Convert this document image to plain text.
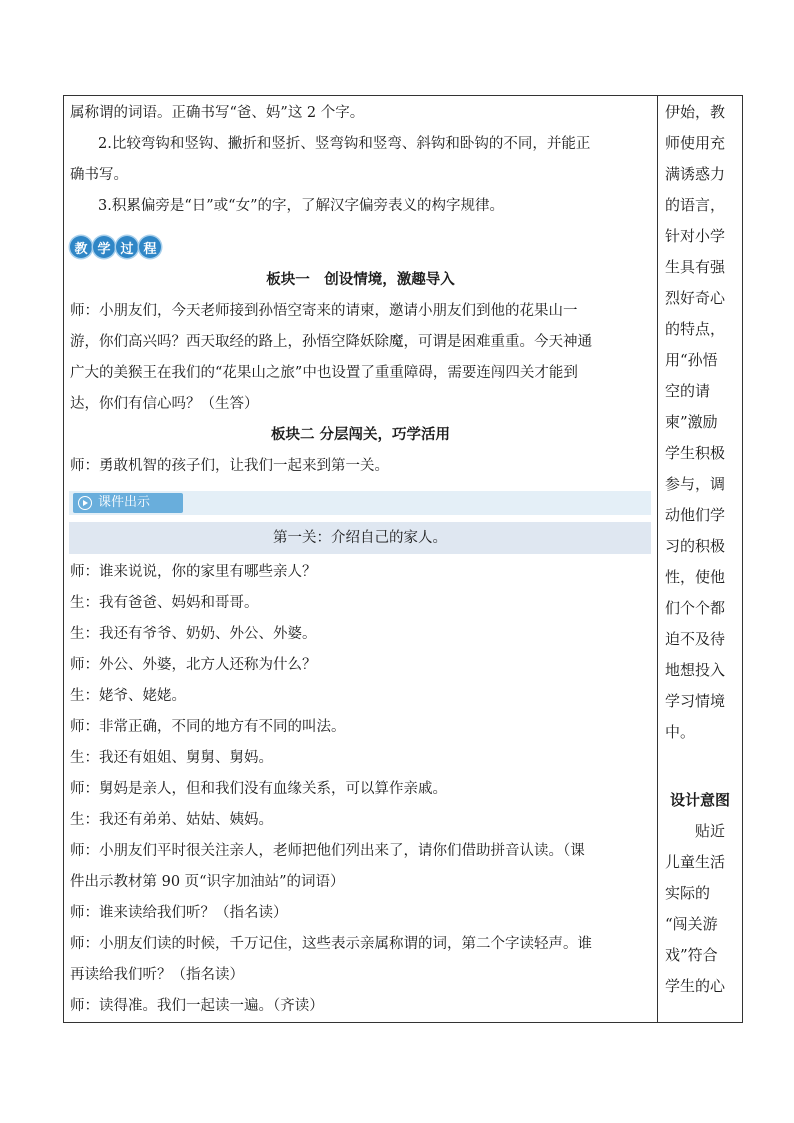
属称谓的词语。正确书写“爸、妈”这 2 个字。
2.比较弯钩和竖钩、撇折和竖折、竖弯钩和竖弯、斜钩和卧钩的不同，并能正
确书写。
3.积累偏旁是“日”或“女”的字，了解汉字偏旁表义的构字规律。
教 学 过 程
板块一　创设情境，激趣导入
师：小朋友们，今天老师接到孙悟空寄来的请柬，邀请小朋友们到他的花果山一
游，你们高兴吗？西天取经的路上，孙悟空降妖除魔，可谓是困难重重。今天神通
广大的美猴王在我们的“花果山之旅”中也设置了重重障碍，需要连闯四关才能到
达，你们有信心吗？（生答）
板块二 分层闯关，巧学活用
师：勇敢机智的孩子们，让我们一起来到第一关。
课件出示
第一关：介绍自己的家人。
师：谁来说说，你的家里有哪些亲人？
生：我有爸爸、妈妈和哥哥。
生：我还有爷爷、奶奶、外公、外婆。
师：外公、外婆，北方人还称为什么？
生：姥爷、姥姥。
师：非常正确，不同的地方有不同的叫法。
生：我还有姐姐、舅舅、舅妈。
师：舅妈是亲人，但和我们没有血缘关系，可以算作亲戚。
生：我还有弟弟、姑姑、姨妈。
师：小朋友们平时很关注亲人，老师把他们列出来了，请你们借助拼音认读。（课
件出示教材第 90 页“识字加油站”的词语）
师：谁来读给我们听？（指名读）
师：小朋友们读的时候，千万记住，这些表示亲属称谓的词，第二个字读轻声。谁
再读给我们听？（指名读）
师：读得准。我们一起读一遍。（齐读）
伊始，教
师使用充
满诱惑力
的语言，
针对小学
生具有强
烈好奇心
的特点，
用“孙悟
空的请
柬”激励
学生积极
参与，调
动他们学
习的积极
性，使他
们个个都
迫不及待
地想投入
学习情境
中。
设计意图
　　贴近
儿童生活
实际的
“闯关游
戏”符合
学生的心
